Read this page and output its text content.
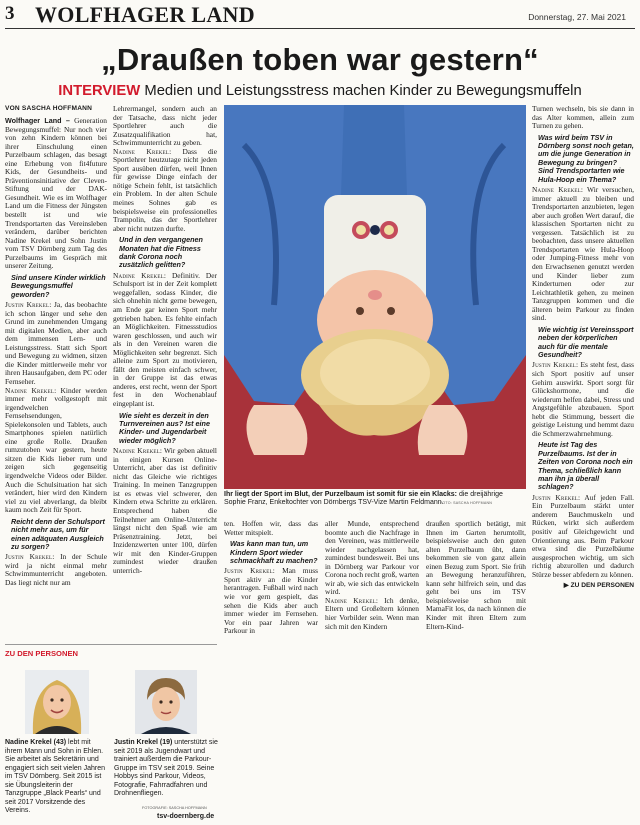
3 WOLFHAGER LAND	Donnerstag, 27. Mai 2021
„Draußen toben war gestern“
INTERVIEW Medien und Leistungsstress machen Kinder zu Bewegungsmuffeln
VON SASCHA HOFFMANN

Wolfhager Land – Generation Bewegungsmuffel: Nur noch vier von zehn Kindern können bei ihrer Einschulung einen Purzelbaum schlagen, das besagt eine Erhebung von fit4future Kids, der Gesundheits- und Präventionsinitiative der Cleven-Stiftung und der DAK-Gesundheit. Wie es im Wolfhager Land um die Fitness der Jüngsten bestellt ist und wie Trendsportarten das Vereinsleben verändern, darüber berichten Nadine Krekel und Sohn Justin vom TSV Dörnberg zum Tag des Purzelbaums im Gespräch mit unserer Zeitung.

Sind unsere Kinder wirklich Bewegungsmuffel geworden?

Justin Krekel: Ja, das beobachte ich schon länger und sehe den Grund im zunehmenden Umgang mit digitalen Medien, aber auch dem immensen Lern- und Leistungsstress. Statt sich Sport und Bewegung zu widmen, sitzen die Kinder mittlerweile mehr vor ihren Hausaufgaben, dem PC oder Fernseher.

Nadine Krekel: Kinder werden immer mehr vollgestopft mit irgendwelchen Fernsehsendungen, Spielekonsolen und Tablets, auch Smartphones spielen natürlich eine große Rolle. Draußen rumzutoben war gestern, heute sitzen die Kids lieber rum und zeigen sich gegenseitig irgendwelche Videos oder Bilder. Auch die Schulsituation hat sich verändert, hier wird den Kindern viel zu viel abverlangt, da bleibt kaum noch Zeit für Sport.

Reicht denn der Schulsport nicht mehr aus, um für einen adäquaten Ausgleich zu sorgen?

Justin Krekel: In der Schule wird ja nicht einmal mehr Schwimmunterricht angeboten. Das liegt nicht nur am

Lehrermangel, sondern auch an der Tatsache, dass nicht jeder Sportlehrer auch die Zusatzqualifikation hat, Schwimmunterricht zu geben.

Nadine Krekel: Dass die Sportlehrer heutzutage nicht jeden Sport ausüben dürfen, weil Ihnen für gewisse Dinge einfach der nötige Schein fehlt, ist tatsächlich ein Problem. In der alten Schule meines Sohnes gab es beispielsweise ein professionelles Trampolin, das der Sportlehrer aber nicht nutzen durfte.

Und in den vergangenen Monaten hat die Fitness dank Corona noch zusätzlich gelitten?

Nadine Krekel: Definitiv. Der Schulsport ist in der Zeit komplett weggefallen, sodass Kinder, die sich ohnehin nicht gerne bewegen, am Ende gar keinen Sport mehr getrieben haben. Es fehlte einfach an Möglichkeiten. Fitnessstudios waren geschlossen, und auch wir als in den Vereinen waren die Möglichkeiten sehr begrenzt. Sich alleine zum Sport zu motivieren, fällt den meisten einfach schwer, in der Gruppe ist das etwas anderes, erst recht, wenn der Sport fest in den Wochenablauf eingeplant ist.

Wie sieht es derzeit in den Turnvereinen aus? Ist eine Kinder- und Jugendarbeit wieder möglich?

Nadine Krekel: Wir geben aktuell in einigen Kursen Online-Unterricht, aber das ist definitiv nicht das Gleiche wie richtiges Training. In meinen Tanzgruppen ist es etwas viel schwerer, den Kindern etwa Schritte zu erklären. Entsprechend haben die Teilnehmer am Online-Unterricht längst nicht den Spaß wie am Präsenztraining. Jetzt, bei Inzidenzwerten unter 100, dürfen wir mit den Kinder-Gruppen zumindest wieder draußen unterrich-

Ihr liegt der Sport im Blut, der Purzelbaum ist somit für sie ein Klacks: die dreijährige Sophie Franz, Enkeltochter von Dörnbergs TSV-Vize Martin Feldmann.
FOTO: SASCHA HOFFMANN

ten. Hoffen wir, dass das Wetter mitspielt.

Was kann man tun, um Kindern Sport wieder schmackhaft zu machen?

Justin Krekel: Man muss Sport aktiv an die Kinder herantragen. Fußball wird nach wie vor gern gespielt, das sehen die Kids aber auch immer wieder im Fernsehen. Vor ein paar Jahren war Parkour in

aller Munde, entsprechend boomte auch die Nachfrage in den Vereinen, was mittlerweile wieder nachgelassen hat, zumindest bundesweit. Bei uns in Dörnberg war Parkour vor Corona noch recht groß, warten wir ab, wie sich das entwickeln wird.

Nadine Krekel: Ich denke, Eltern und Großeltern können hier Vorbilder sein. Wenn man sich mit den Kindern

draußen sportlich betätigt, mit Ihnen im Garten herumtollt, beispielsweise auch den guten alten Purzelbaum übt, dann bekommen sie von ganz allein einen Bezug zum Sport. Sie früh an Bewegung heranzuführen, kann sehr hilfreich sein, und das geht bei uns im TSV beispielsweise schon mit MamaFit los, da nach können die Kinder mit ihren Eltern zum Eltern-Kind-

Turnen wechseln, bis sie dann in das Alter kommen, allein zum Turnen zu gehen.

Was wird beim TSV in Dörnberg sonst noch getan, um die junge Generation in Bewegung zu bringen? Sind Trendsportarten wie Hula-Hoop ein Thema?

Nadine Krekel: Wir versuchen, immer aktuell zu bleiben und Trendsportarten anzubieten, legen aber auch großen Wert darauf, die klassischen Sportarten nicht zu vergessen. Tatsächlich ist zu beobachten, dass unsere aktuellen Trendsportarten wie Hula-Hoop oder Jumping-Fitness mehr von den Erwachsenen genutzt werden und Kinder lieber zum Kinderturnen oder zur Leichtathletik gehen, zu meinen Tanzgruppen kommen und die älteren beim Parkour zu finden sind.

Wie wichtig ist Vereinssport neben der körperlichen auch für die mentale Gesundheit?

Justin Krekel: Es steht fest, dass sich Sport positiv auf unser Gehirn auswirkt. Sport sorgt für Glückshormone, und die wiederum helfen dabei, Stress und Angstgefühle abzubauen. Sport hebt die Stimmung, bessert die geistige Leistung und hemmt dazu die Schmerzwahrnehmung.

Heute ist Tag des Purzelbaums. Ist der in Zeiten von Corona noch ein Thema, schließlich kann man ihn ja überall schlagen?

Justin Krekel: Auf jeden Fall. Ein Purzelbaum stärkt unter anderem Bauchmuskeln und Rücken, wirkt sich außerdem positiv auf Gleichgewicht und Orientierung aus. Beim Parkour etwa sind die Purzelbäume ausgesprochen wichtig, um sich richtig abzurollen und dadurch Stürze besser abfedern zu können.

▶ ZU DEN PERSONEN
ZU DEN PERSONEN
Nadine Krekel (43) lebt mit ihrem Mann und Sohn in Ehlen. Sie arbeitet als Sekretärin und engagiert sich seit vielen Jahren im TSV Dörnberg. Seit 2015 ist sie Übungsleiterin der Tanzgruppe „Black Pearls“ und seit 2017 Vorsitzende des Vereins.
Justin Krekel (19) unterstützt sie seit 2019 als Jugendwart und trainiert außerdem die Parkour-Gruppe im TSV seit 2019. Seine Hobbys sind Parkour, Videos, Fotografie, Fahrradfahren und Drohnenfliegen.
FOTOGRAFIE: SASCHA HOFFMANN
tsv-doernberg.de
